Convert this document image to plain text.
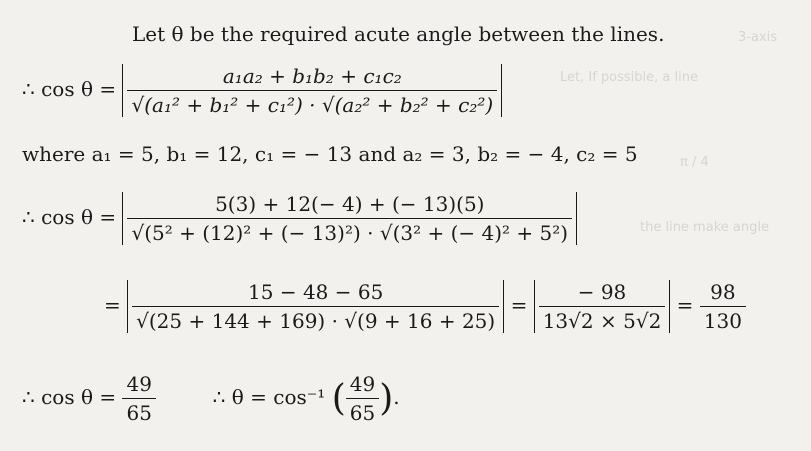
3-axis
Let, If possible, a line
the line make angle
π / 4
Let θ be the required acute angle between the lines.
∴ $\cos \theta = \frac{\text{a₁a₂ + b₁b₂ + c₁c₂}}{\text{√(a₁² + b₁² + c₁²) · √(a₂² + b₂² + c₂²)}}$
where a₁ = 5, b₁ = 12, c₁ = − 13 and a₂ = 3, b₂ = − 4, c₂ = 5
∴ $\cos \theta = \frac{5(3) + 12(- 4) + (- 13)(5)}{\text{√(5² + (12)² + (− 13)²) · √(3² + (− 4)² + 5²)}}$
= $\frac{15 - 48 - 65}{√(25 + 144 + 169) \cdot √(9 + 16 + 25)} = \frac{- 98}{13√2 \times 5√2} = \frac{98}{130}$
∴ $\cos \theta = \frac{49}{65}$	∴ θ = cos⁻¹ ( $\frac{49}{65}$ ).
